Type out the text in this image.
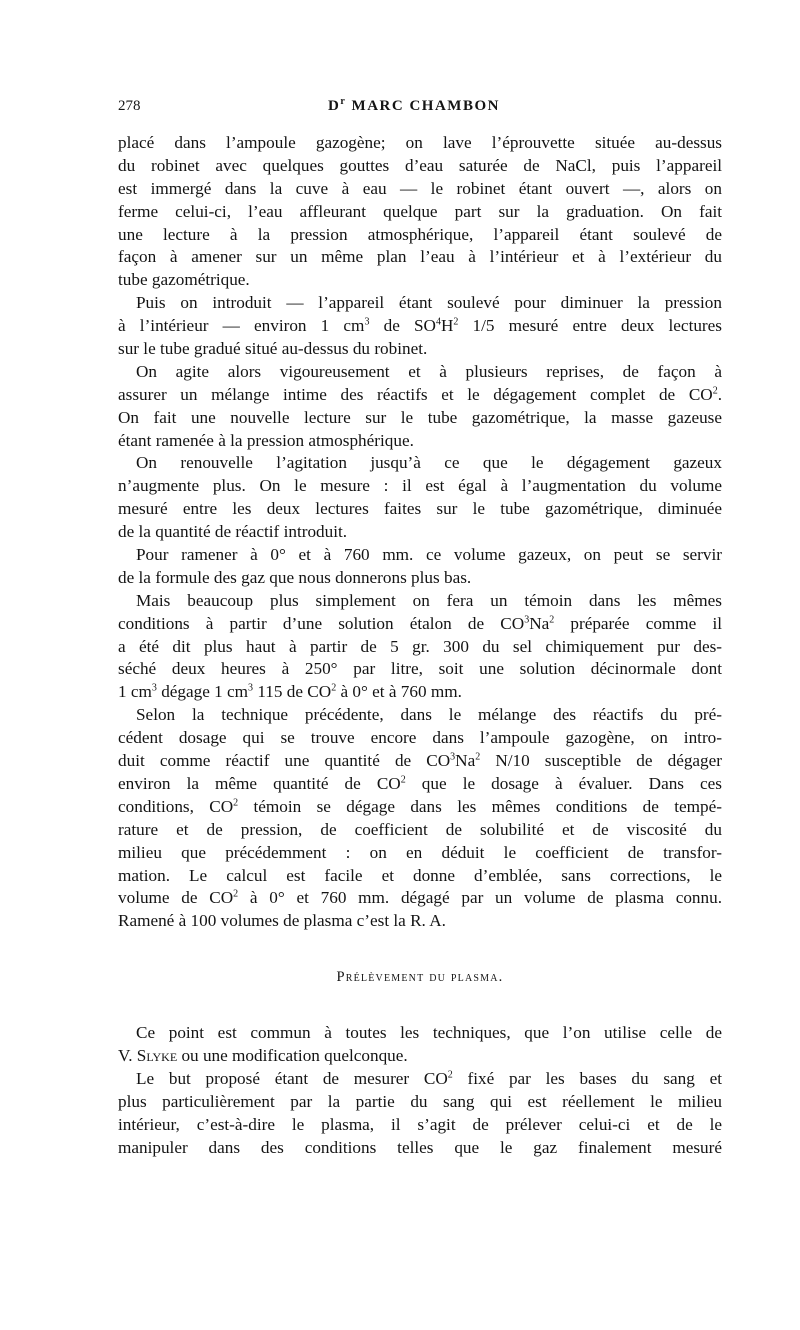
278	$D^r$ MARC CHAMBON
placé dans l’ampoule gazogène; on lave l’éprouvette située au-dessus
du robinet avec quelques gouttes d’eau saturée de NaCl, puis l’appareil
est immergé dans la cuve à eau — le robinet étant ouvert —, alors on
ferme celui-ci, l’eau affleurant quelque part sur la graduation. On fait
une lecture à la pression atmosphérique, l’appareil étant soulevé de
façon à amener sur un même plan l’eau à l’intérieur et à l’extérieur du
tube gazométrique.
Puis on introduit — l’appareil étant soulevé pour diminuer la pression
à l’intérieur — environ 1 $cm^3$ de $SO^4H^2$ 1/5 mesuré entre deux lectures
sur le tube gradué situé au-dessus du robinet.
On agite alors vigoureusement et à plusieurs reprises, de façon à
assurer un mélange intime des réactifs et le dégagement complet de $CO^2$.
On fait une nouvelle lecture sur le tube gazométrique, la masse gazeuse
étant ramenée à la pression atmosphérique.
On renouvelle l’agitation jusqu’à ce que le dégagement gazeux
n’augmente plus. On le mesure : il est égal à l’augmentation du volume
mesuré entre les deux lectures faites sur le tube gazométrique, diminuée
de la quantité de réactif introduit.
Pour ramener à 0° et à 760 mm. ce volume gazeux, on peut se servir
de la formule des gaz que nous donnerons plus bas.
Mais beaucoup plus simplement on fera un témoin dans les mêmes
conditions à partir d’une solution étalon de $CO^3Na^2$ préparée comme il
a été dit plus haut à partir de 5 gr. 300 du sel chimiquement pur des-
séché deux heures à 250° par litre, soit une solution décinormale dont
1 $cm^3$ dégage 1 $cm^3$ 115 de $CO^2$ à 0° et à 760 mm.
Selon la technique précédente, dans le mélange des réactifs du pré-
cédent dosage qui se trouve encore dans l’ampoule gazogène, on intro-
duit comme réactif une quantité de $CO^3Na^2$ N/10 susceptible de dégager
environ la même quantité de $CO^2$ que le dosage à évaluer. Dans ces
conditions, $CO^2$ témoin se dégage dans les mêmes conditions de tempé-
rature et de pression, de coefficient de solubilité et de viscosité du
milieu que précédemment : on en déduit le coefficient de transfor-
mation. Le calcul est facile et donne d’emblée, sans corrections, le
volume de $CO^2$ à 0° et 760 mm. dégagé par un volume de plasma connu.
Ramené à 100 volumes de plasma c’est la R. A.
Prélèvement du plasma.
Ce point est commun à toutes les techniques, que l’on utilise celle de
V. Slyke ou une modification quelconque.
Le but proposé étant de mesurer $CO^2$ fixé par les bases du sang et
plus particulièrement par la partie du sang qui est réellement le milieu
intérieur, c’est-à-dire le plasma, il s’agit de prélever celui-ci et de le
manipuler dans des conditions telles que le gaz finalement mesuré
